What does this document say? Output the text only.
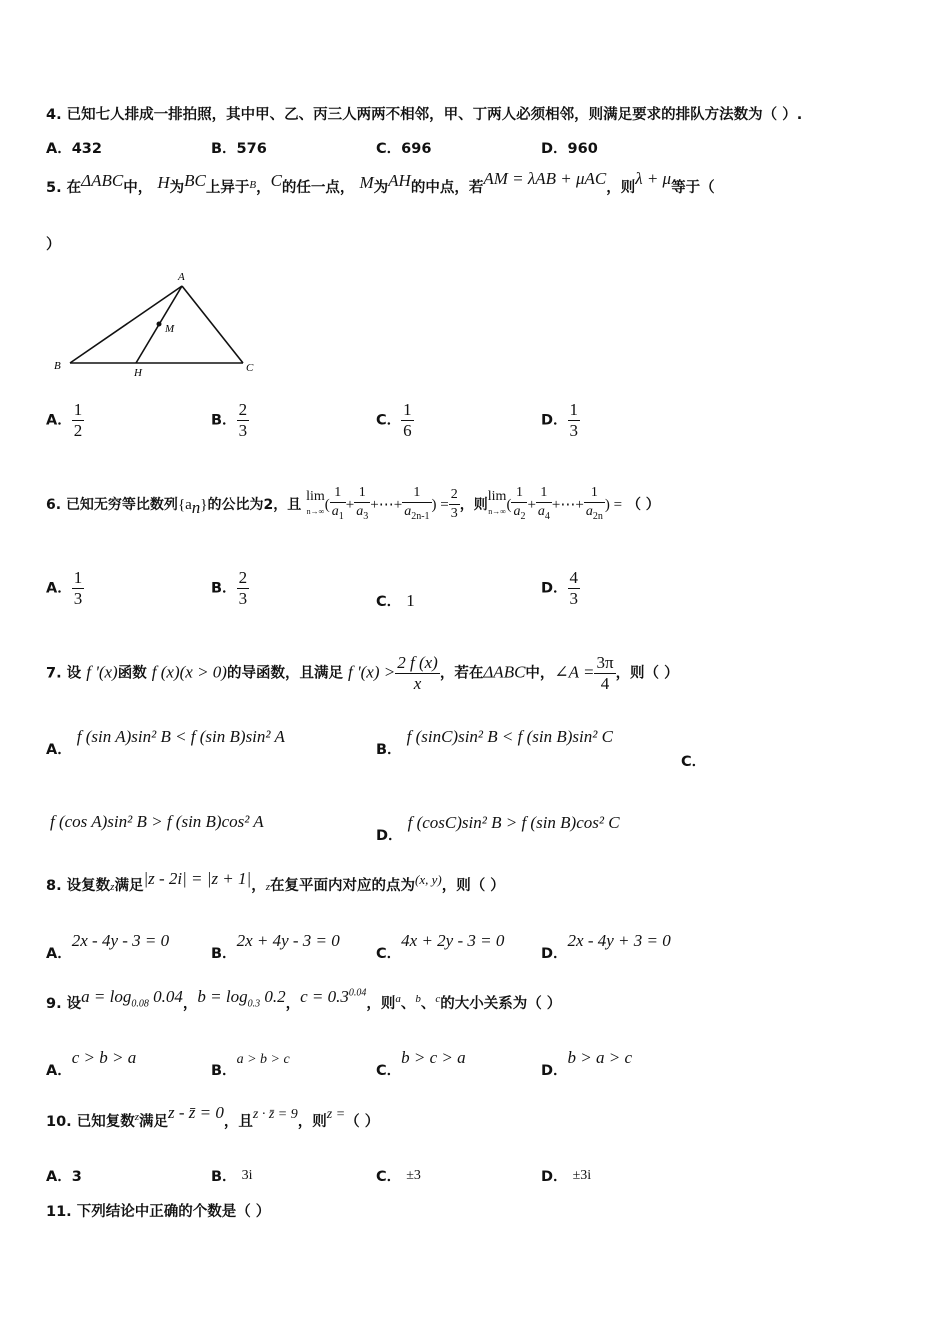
4. 已知七人排成一排拍照，其中甲、乙、丙三人两两不相邻，甲、丁两人必须相邻，则满足要求的排队方法数为（ ）.
A．432	B．576	C．696	D．960
5. 在ΔABC中， H为BC上异于$^B$，C的任一点， M为AH的中点，若AM = λAB + μAC，则λ + μ等于（
）
A
B	C
H
M
A． $\frac{1}{2}$	B． $\frac{2}{3}$	C． $\frac{1}{6}$	D． $\frac{1}{3}$
6. 已知无穷等比数列$\{a_n\}$的公比为2，且 lim
$n\to\infty( \frac{1}{a_1} + \frac{1}{a_3}$ +⋯+ $\frac{1}{a_{2n-1}}$ ) = $\frac{2}{3}$ ，则lim
$n\to\infty( \frac{1}{a_2} + \frac{1}{a_4}$ +⋯+ $\frac{1}{a_{2n}}$ ) = （ ）
A． $\frac{1}{3}$	B． $\frac{2}{3}$	C． 1
D． $\frac{4}{3}$
7. 设 f '(x)函数 f (x)(x > 0)的导函数，且满足 f '$(x) > \frac{2 f (x)}{x}$ ，若在ΔABC中，∠A = $\frac{3\pi}{4}$ ，则（ ）
A． f (sin A)sin² B < f (sin B)sin² A
B． f (sinC)sin² B < f (sin B)sin² C
C．
f (cos A)sin² B > f (sin B)cos² A
D． f (cosC)sin² B > f (sin B)cos² C
8. 设复数z满足|z - 2i| = |z + 1|，z在复平面内对应的点为(x, y)，则（ ）
A．2x - 4y - 3 = 0
B．2x + 4y - 3 = 0
C．4x + 2y - 3 = 0
D．2x - 4y + 3 = 0
9. 设$a = \log_{0.08} 0.04$，$b = \log_{0.3} 0.2$，$c = 0.3^{0.04}$，则$^a$、$^b$、$^c$的大小关系为（ ）
A．c > b > a
B．a > b > c
C．b > c > a
D．b > a > c
10. 已知复数$^z$满足z - z̄ = 0，且z · z̄ = 9，则z =（ ）
A．3	B． 3i	C． ±3	D． ±3i
11. 下列结论中正确的个数是（ ）
